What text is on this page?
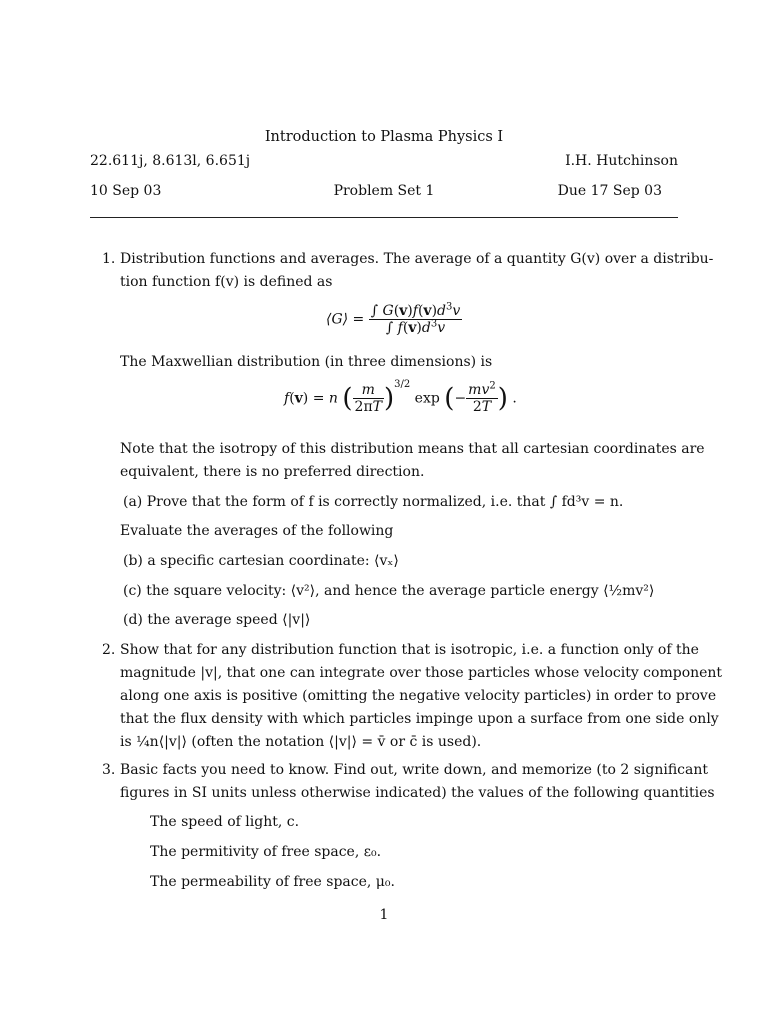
Introduction to Plasma Physics I
22.611j, 8.613l, 6.651j	I.H. Hutchinson
10 Sep 03	Problem Set 1	Due 17 Sep 03
1. Distribution functions and averages. The average of a quantity G(v) over a distribu-
tion function f(v) is defined as
⟨G⟩ = $\frac{\int G(v)f(v)d^3v}{\int f(v)d^3v}$
The Maxwellian distribution (in three dimensions) is
f(v) = n ( $\frac{m}{2\pi T} )^{3/2}$ exp (− $\frac{mv^2}{2T}$ ) .
Note that the isotropy of this distribution means that all cartesian coordinates are
equivalent, there is no preferred direction.
(a) Prove that the form of f is correctly normalized, i.e. that ∫ fd³v = n.
Evaluate the averages of the following
(b) a specific cartesian coordinate: ⟨vₓ⟩
(c) the square velocity: ⟨v²⟩, and hence the average particle energy ⟨½mv²⟩
(d) the average speed ⟨|v|⟩
2. Show that for any distribution function that is isotropic, i.e. a function only of the
magnitude |v|, that one can integrate over those particles whose velocity component
along one axis is positive (omitting the negative velocity particles) in order to prove
that the flux density with which particles impinge upon a surface from one side only
is ¼n⟨|v|⟩ (often the notation ⟨|v|⟩ = v̄ or c̄ is used).
3. Basic facts you need to know. Find out, write down, and memorize (to 2 significant
figures in SI units unless otherwise indicated) the values of the following quantities
The speed of light, c.
The permitivity of free space, ε₀.
The permeability of free space, μ₀.
1
